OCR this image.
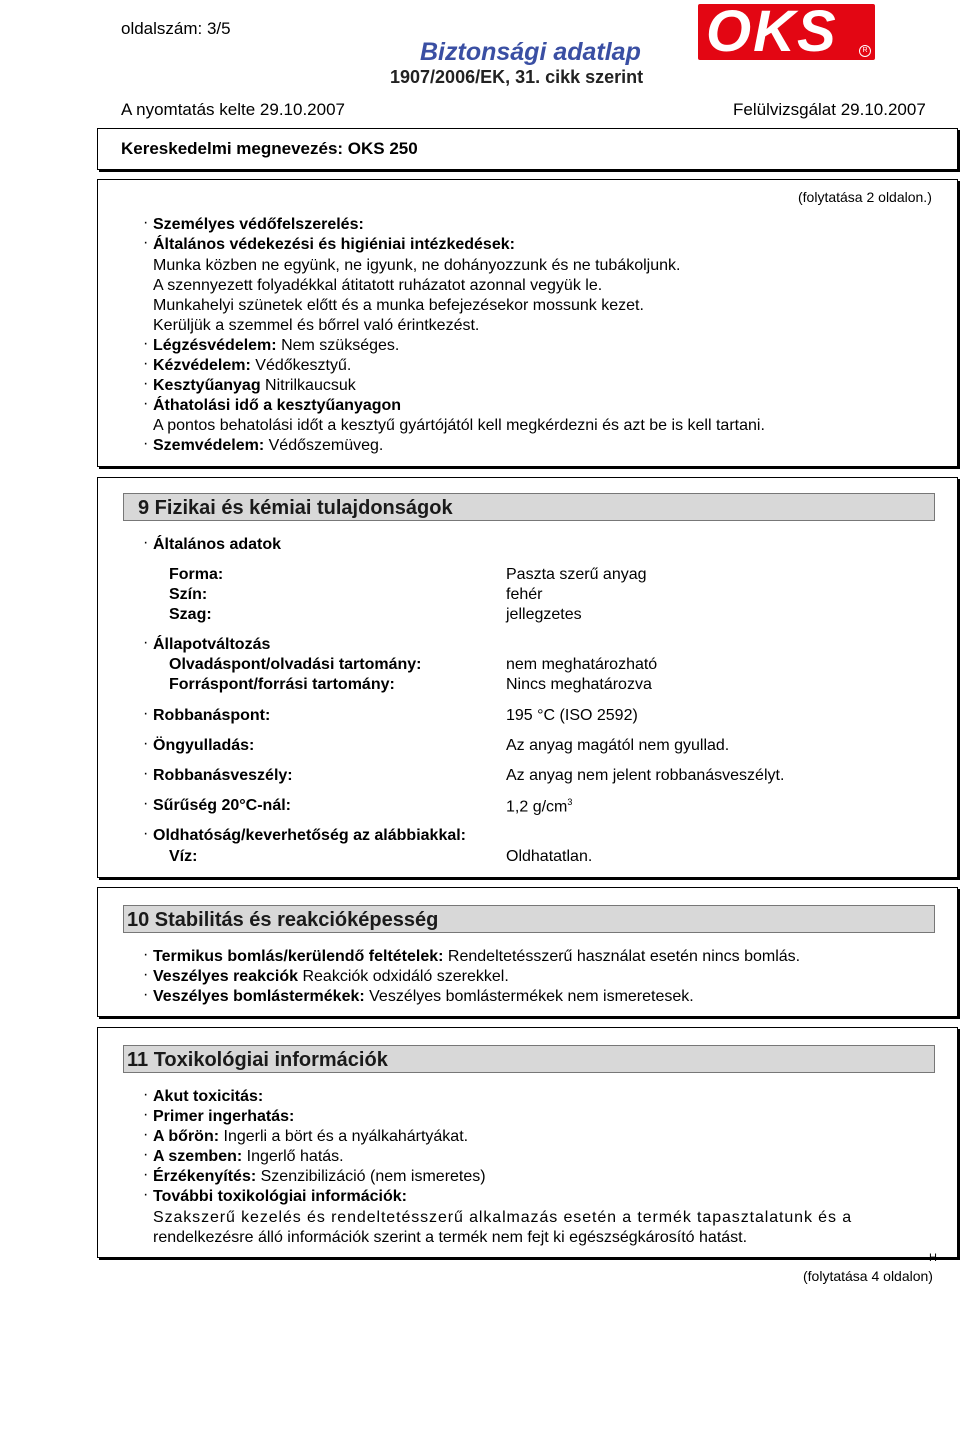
oldalszám: 3/5
Biztonsági adatlap
1907/2006/EK, 31. cikk szerint
OKS	R
A nyomtatás kelte 29.10.2007	Felülvizsgálat 29.10.2007
Kereskedelmi megnevezés: OKS 250
(folytatása 2 oldalon.)
· Személyes védőfelszerelés:
· Általános védekezési és higiéniai intézkedések:
Munka közben ne együnk, ne igyunk, ne dohányozzunk és ne tubákoljunk.
A szennyezett folyadékkal átitatott ruházatot azonnal vegyük le.
Munkahelyi szünetek előtt és a munka befejezésekor mossunk kezet.
Kerüljük a szemmel és bőrrel való érintkezést.
· Légzésvédelem: Nem szükséges.
· Kézvédelem: Védőkesztyű.
· Kesztyűanyag Nitrilkaucsuk
· Áthatolási idő a kesztyűanyagon
A pontos behatolási időt a kesztyű gyártójától kell megkérdezni és azt be is kell tartani.
· Szemvédelem: Védőszemüveg.
9 Fizikai és kémiai tulajdonságok
· Általános adatok
Forma:	Paszta szerű anyag
Szín:	fehér
Szag:	jellegzetes
· Állapotváltozás
Olvadáspont/olvadási tartomány:	nem meghatározható
Forráspont/forrási tartomány:	Nincs meghatározva
· Robbanáspont:	195 °C (ISO 2592)
· Öngyulladás:	Az anyag magától nem gyullad.
· Robbanásveszély:	Az anyag nem jelent robbanásveszélyt.
· Sűrűség 20°C-nál:	1,2 $g/cm^3$
· Oldhatóság/keverhetőség az alábbiakkal:
Víz:	Oldhatatlan.
10 Stabilitás és reakcióképesség
· Termikus bomlás/kerülendő feltételek: Rendeltetésszerű használat esetén nincs bomlás.
· Veszélyes reakciók Reakciók odxidáló szerekkel.
· Veszélyes bomlástermékek: Veszélyes bomlástermékek nem ismeretesek.
11 Toxikológiai információk
· Akut toxicitás:
· Primer ingerhatás:
· A bőrön: Ingerli a bört és a nyálkahártyákat.
· A szemben: Ingerlő hatás.
· Érzékenyítés: Szenzibilizáció (nem ismeretes)
· További toxikológiai információk:
Szakszerű kezelés és rendeltetésszerű alkalmazás esetén a termék tapasztalatunk és a
rendelkezésre álló információk szerint a termék nem fejt ki egészségkárosító hatást.
H
(folytatása 4 oldalon)
